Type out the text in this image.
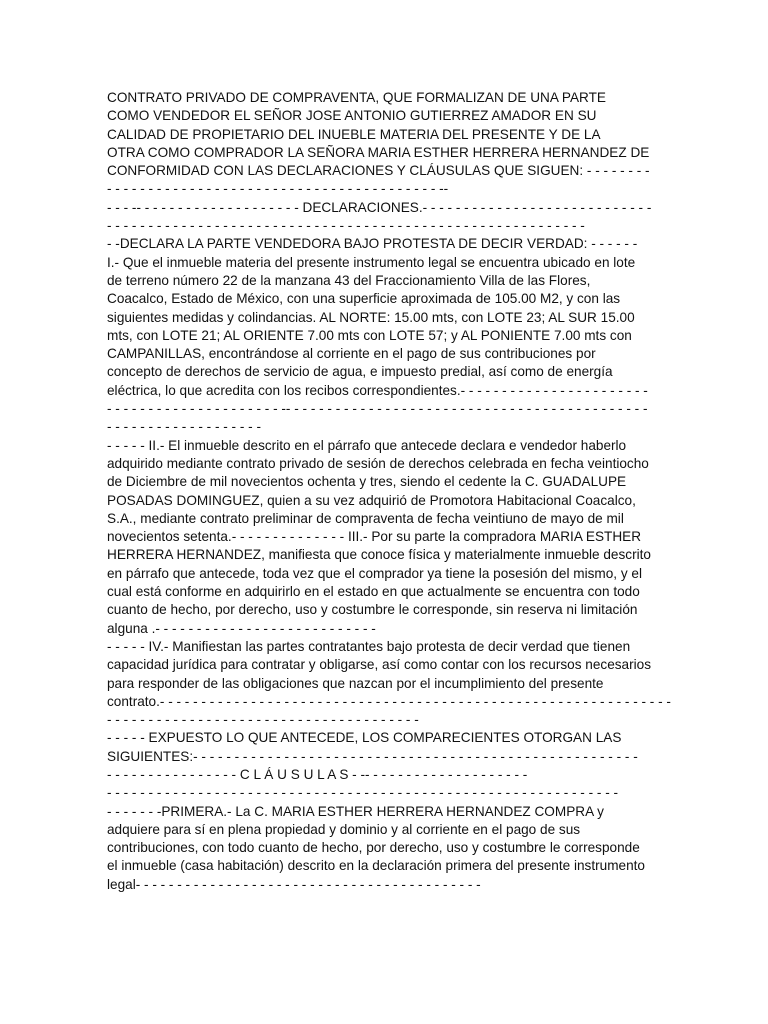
CONTRATO PRIVADO DE COMPRAVENTA, QUE FORMALIZAN DE UNA PARTE
COMO VENDEDOR EL SEÑOR JOSE ANTONIO GUTIERREZ AMADOR EN SU
CALIDAD DE PROPIETARIO DEL INUEBLE MATERIA DEL PRESENTE Y DE LA
OTRA COMO COMPRADOR LA SEÑORA MARIA ESTHER HERRERA HERNANDEZ DE
CONFORMIDAD CON LAS DECLARACIONES Y CLÁUSULAS QUE SIGUEN: - - - - - - - -
- - - - - - - - - - - - - - - - - - - - - - - - - - - - - - - - - - - - - - - - --
- - - -- - - - - - - - - - - - - - - - - - - - DECLARACIONES.- - - - - - - - - - - - - - - - - - - - - - - - - - - -
- - - - - - - - - - - - - - - - - - - - - - - - - - - - - - - - - - - - - - - - - - - - - - - - - - - - - - - - - -
- -DECLARA LA PARTE VENDEDORA BAJO PROTESTA DE DECIR VERDAD: - - - - - -
I.- Que el inmueble materia del presente instrumento legal se encuentra ubicado en lote
de terreno número 22 de la manzana 43 del Fraccionamiento Villa de las Flores,
Coacalco, Estado de México, con una superficie aproximada de 105.00 M2, y con las
siguientes medidas y colindancias. AL NORTE: 15.00 mts, con LOTE 23; AL SUR 15.00
mts, con LOTE 21; AL ORIENTE 7.00 mts con LOTE 57; y AL PONIENTE 7.00 mts con
CAMPANILLAS, encontrándose al corriente en el pago de sus contribuciones por
concepto de derechos de servicio de agua, e impuesto predial, así como de energía
eléctrica, lo que acredita con los recibos correspondientes.- - - - - - - - - - - - - - - - - - - - - - -
- - - - - - - - - - - - - - - - - - - - - -- - - - - - - - - - - - - - - - - - - - - - - - - - - - - - - - - - - - - - - - - - - -
- - - - - - - - - - - - - - - - - - -
- - - - - II.- El inmueble descrito en el párrafo que antecede declara e vendedor haberlo
adquirido mediante contrato privado de sesión de derechos celebrada en fecha veintiocho
de Diciembre de mil novecientos ochenta y tres, siendo el cedente la C. GUADALUPE
POSADAS DOMINGUEZ, quien a su vez adquirió de Promotora Habitacional Coacalco,
S.A., mediante contrato preliminar de compraventa de fecha veintiuno de mayo de mil
novecientos setenta.- - - - - - - - - - - - - - III.- Por su parte la compradora MARIA ESTHER
HERRERA HERNANDEZ, manifiesta que conoce física y materialmente inmueble descrito
en párrafo que antecede, toda vez que el comprador ya tiene la posesión del mismo, y el
cual está conforme en adquirirlo en el estado en que actualmente se encuentra con todo
cuanto de hecho, por derecho, uso y costumbre le corresponde, sin reserva ni limitación
alguna .- - - - - - - - - - - - - - - - - - - - - - - - - - -
- - - - - IV.- Manifiestan las partes contratantes bajo protesta de decir verdad que tienen
capacidad jurídica para contratar y obligarse, así como contar con los recursos necesarios
para responder de las obligaciones que nazcan por el incumplimiento del presente
contrato.- - - - - - - - - - - - - - - - - - - - - - - - - - - - - - - - - - - - - - - - - - - - - - - - - - - - - - - - - - - - - -
- - - - - - - - - - - - - - - - - - - - - - - - - - - - - - - - - - - - - -
- - - - - EXPUESTO LO QUE ANTECEDE, LOS COMPARECIENTES OTORGAN LAS
SIGUIENTES:- - - - - - - - - - - - - - - - - - - - - - - - - - - - - - - - - - - - - - - - - - - - - - - - - - - - - -
- - - - - - - - - - - - - - - - C L Á U S U L A S - -- - - - - - - - - - - - - - - - - - - -
- - - - - - - - - - - - - - - - - - - - - - - - - - - - - - - - - - - - - - - - - - - - - - - - - - - - - - - - - - - - - -
- - - - - - -PRIMERA.- La C. MARIA ESTHER HERRERA HERNANDEZ COMPRA y
adquiere para sí en plena propiedad y dominio y al corriente en el pago de sus
contribuciones, con todo cuanto de hecho, por derecho, uso y costumbre le corresponde
el inmueble (casa habitación) descrito en la declaración primera del presente instrumento
legal- - - - - - - - - - - - - - - - - - - - - - - - - - - - - - - - - - - - - - - - - -
